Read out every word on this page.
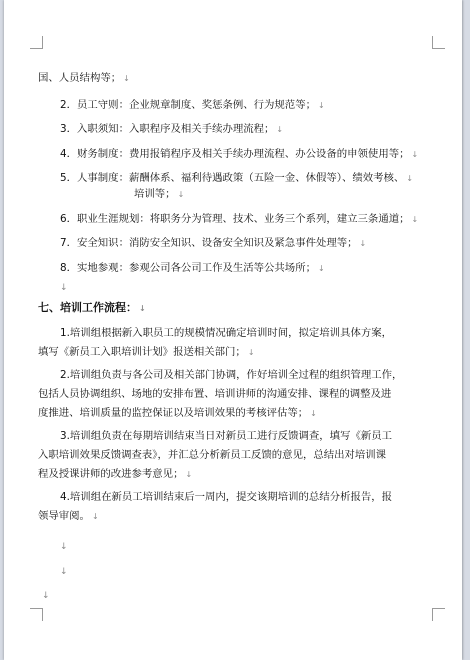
国、人员结构等； ↓
2．员工守则：企业规章制度、奖惩条例、行为规范等； ↓
3．入职须知：入职程序及相关手续办理流程； ↓
4．财务制度：费用报销程序及相关手续办理流程、办公设备的申领使用等； ↓
5．人事制度：薪酬体系、福利待遇政策（五险一金、休假等）、绩效考核、 ↓
培训等； ↓
6．职业生涯规划：将职务分为管理、技术、业务三个系列，建立三条通道； ↓
7．安全知识：消防安全知识、设备安全知识及紧急事件处理等； ↓
8．实地参观：参观公司各公司工作及生活等公共场所； ↓
↓
七、培训工作流程： ↓
1.培训组根据新入职员工的规模情况确定培训时间，拟定培训具体方案，
填写《新员工入职培训计划》报送相关部门； ↓
2.培训组负责与各公司及相关部门协调，作好培训全过程的组织管理工作，
包括人员协调组织、场地的安排布置、培训讲师的沟通安排、课程的调整及进
度推进、培训质量的监控保证以及培训效果的考核评估等； ↓
3.培训组负责在每期培训结束当日对新员工进行反馈调查，填写《新员工
入职培训效果反馈调查表》，并汇总分析新员工反馈的意见，总结出对培训课
程及授课讲师的改进参考意见； ↓
4.培训组在新员工培训结束后一周内，提交该期培训的总结分析报告，报
领导审阅。 ↓
↓
↓
↓
